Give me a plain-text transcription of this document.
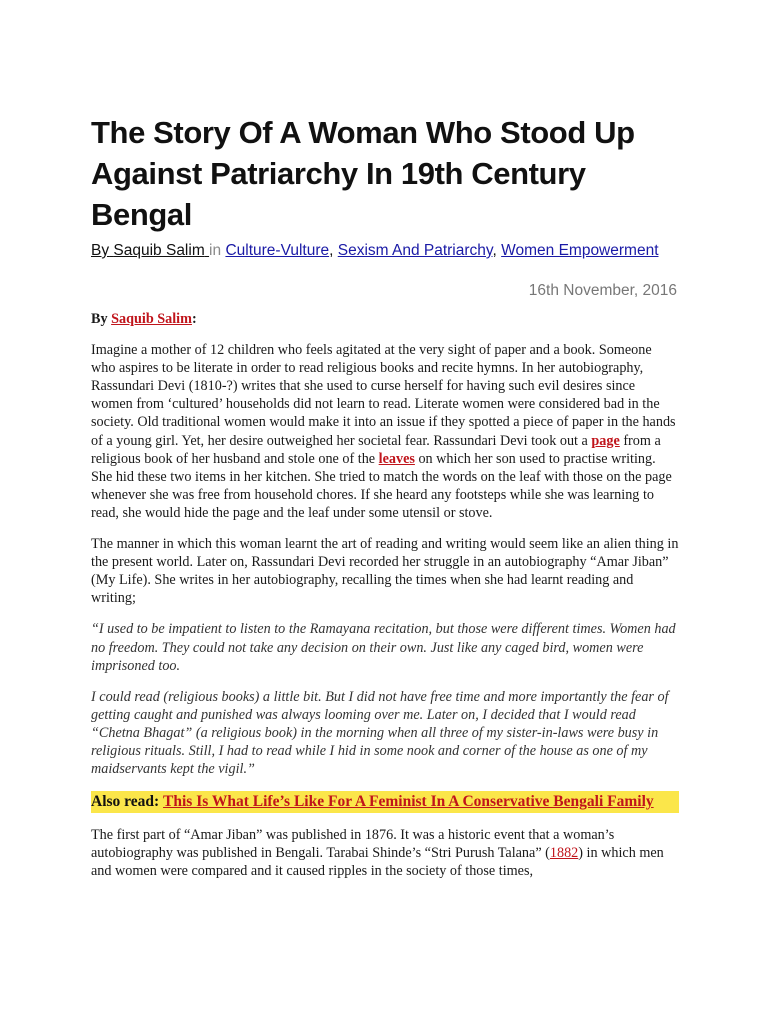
The Story Of A Woman Who Stood Up Against Patriarchy In 19th Century Bengal
By Saquib Salim in Culture-Vulture, Sexism And Patriarchy, Women Empowerment
16th November, 2016

By Saquib Salim:

Imagine a mother of 12 children who feels agitated at the very sight of paper and a book. Someone who aspires to be literate in order to read religious books and recite hymns. In her autobiography, Rassundari Devi (1810-?) writes that she used to curse herself for having such evil desires since women from ‘cultured’ households did not learn to read. Literate women were considered bad in the society. Old traditional women would make it into an issue if they spotted a piece of paper in the hands of a young girl. Yet, her desire outweighed her societal fear. Rassundari Devi took out a page from a religious book of her husband and stole one of the leaves on which her son used to practise writing. She hid these two items in her kitchen. She tried to match the words on the leaf with those on the page whenever she was free from household chores. If she heard any footsteps while she was learning to read, she would hide the page and the leaf under some utensil or stove.

The manner in which this woman learnt the art of reading and writing would seem like an alien thing in the present world. Later on, Rassundari Devi recorded her struggle in an autobiography “Amar Jiban” (My Life). She writes in her autobiography, recalling the times when she had learnt reading and writing;

“I used to be impatient to listen to the Ramayana recitation, but those were different times. Women had no freedom. They could not take any decision on their own. Just like any caged bird, women were imprisoned too.

I could read (religious books) a little bit. But I did not have free time and more importantly the fear of getting caught and punished was always looming over me. Later on, I decided that I would read “Chetna Bhagat” (a religious book) in the morning when all three of my sister-in-laws were busy in religious rituals. Still, I had to read while I hid in some nook and corner of the house as one of my maidservants kept the vigil.”

Also read: This Is What Life’s Like For A Feminist In A Conservative Bengali Family

The first part of “Amar Jiban” was published in 1876. It was a historic event that a woman’s autobiography was published in Bengali. Tarabai Shinde’s “Stri Purush Talana” (1882) in which men and women were compared and it caused ripples in the society of those times,
